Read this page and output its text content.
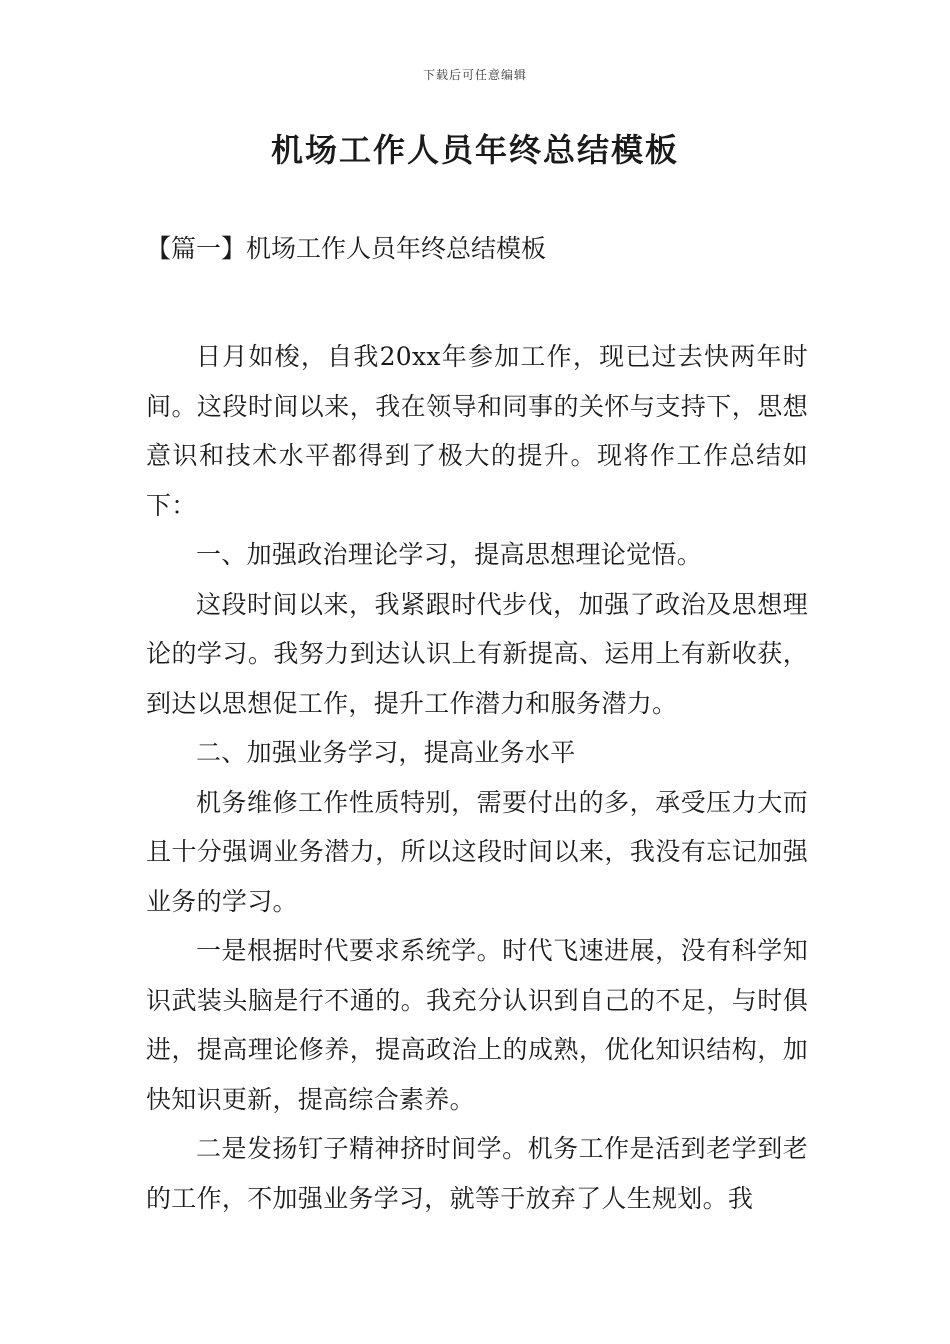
下载后可任意编辑
机场工作人员年终总结模板
【篇一】机场工作人员年终总结模板

日月如梭，自我20xx年参加工作，现已过去快两年时间。这段时间以来，我在领导和同事的关怀与支持下，思想意识和技术水平都得到了极大的提升。现将作工作总结如下：

一、加强政治理论学习，提高思想理论觉悟。

这段时间以来，我紧跟时代步伐，加强了政治及思想理论的学习。我努力到达认识上有新提高、运用上有新收获，到达以思想促工作，提升工作潜力和服务潜力。

二、加强业务学习，提高业务水平

机务维修工作性质特别，需要付出的多，承受压力大而且十分强调业务潜力，所以这段时间以来，我没有忘记加强业务的学习。

一是根据时代要求系统学。时代飞速进展，没有科学知识武装头脑是行不通的。我充分认识到自己的不足，与时俱进，提高理论修养，提高政治上的成熟，优化知识结构，加快知识更新，提高综合素养。

二是发扬钉子精神挤时间学。机务工作是活到老学到老的工作，不加强业务学习，就等于放弃了人生规划。我
